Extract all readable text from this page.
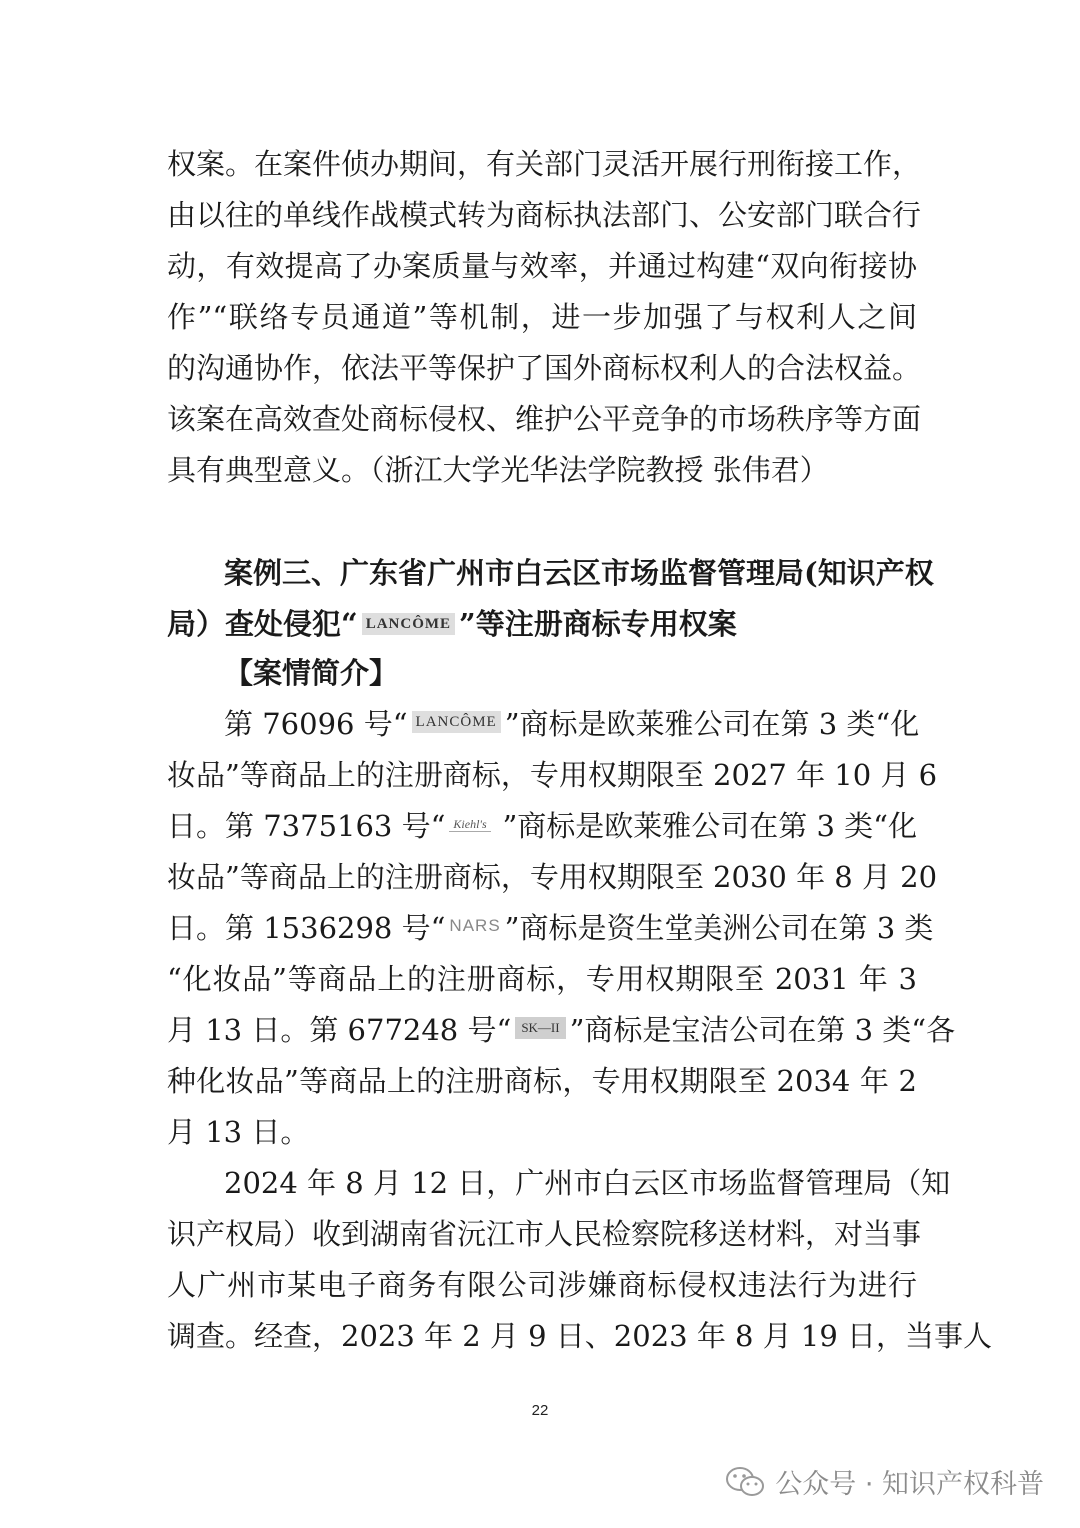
权案。在案件侦办期间，有关部门灵活开展行刑衔接工作，
由以往的单线作战模式转为商标执法部门、公安部门联合行
动，有效提高了办案质量与效率，并通过构建“双向衔接协
作”“联络专员通道”等机制，进一步加强了与权利人之间
的沟通协作，依法平等保护了国外商标权利人的合法权益。
该案在高效查处商标侵权、维护公平竞争的市场秩序等方面
具有典型意义。（浙江大学光华法学院教授 张伟君）
案例三、广东省广州市白云区市场监督管理局(知识产权
局）查处侵犯“ LANCÔME ”等注册商标专用权案
【案情简介】
第 76096 号“ LANCÔME ”商标是欧莱雅公司在第 3 类“化
妆品”等商品上的注册商标，专用权期限至 2027 年 10 月 6
日。第 7375163 号“ Kiehl's ”商标是欧莱雅公司在第 3 类“化
妆品”等商品上的注册商标，专用权期限至 2030 年 8 月 20
日。第 1536298 号“ NARS ”商标是资生堂美洲公司在第 3 类
“化妆品”等商品上的注册商标，专用权期限至 2031 年 3
月 13 日。第 677248 号“ SK—II ”商标是宝洁公司在第 3 类“各
种化妆品”等商品上的注册商标，专用权期限至 2034 年 2
月 13 日。
2024 年 8 月 12 日，广州市白云区市场监督管理局（知
识产权局）收到湖南省沅江市人民检察院移送材料，对当事
人广州市某电子商务有限公司涉嫌商标侵权违法行为进行
调查。经查，2023 年 2 月 9 日、2023 年 8 月 19 日，当事人
22
公众号 · 知识产权科普
